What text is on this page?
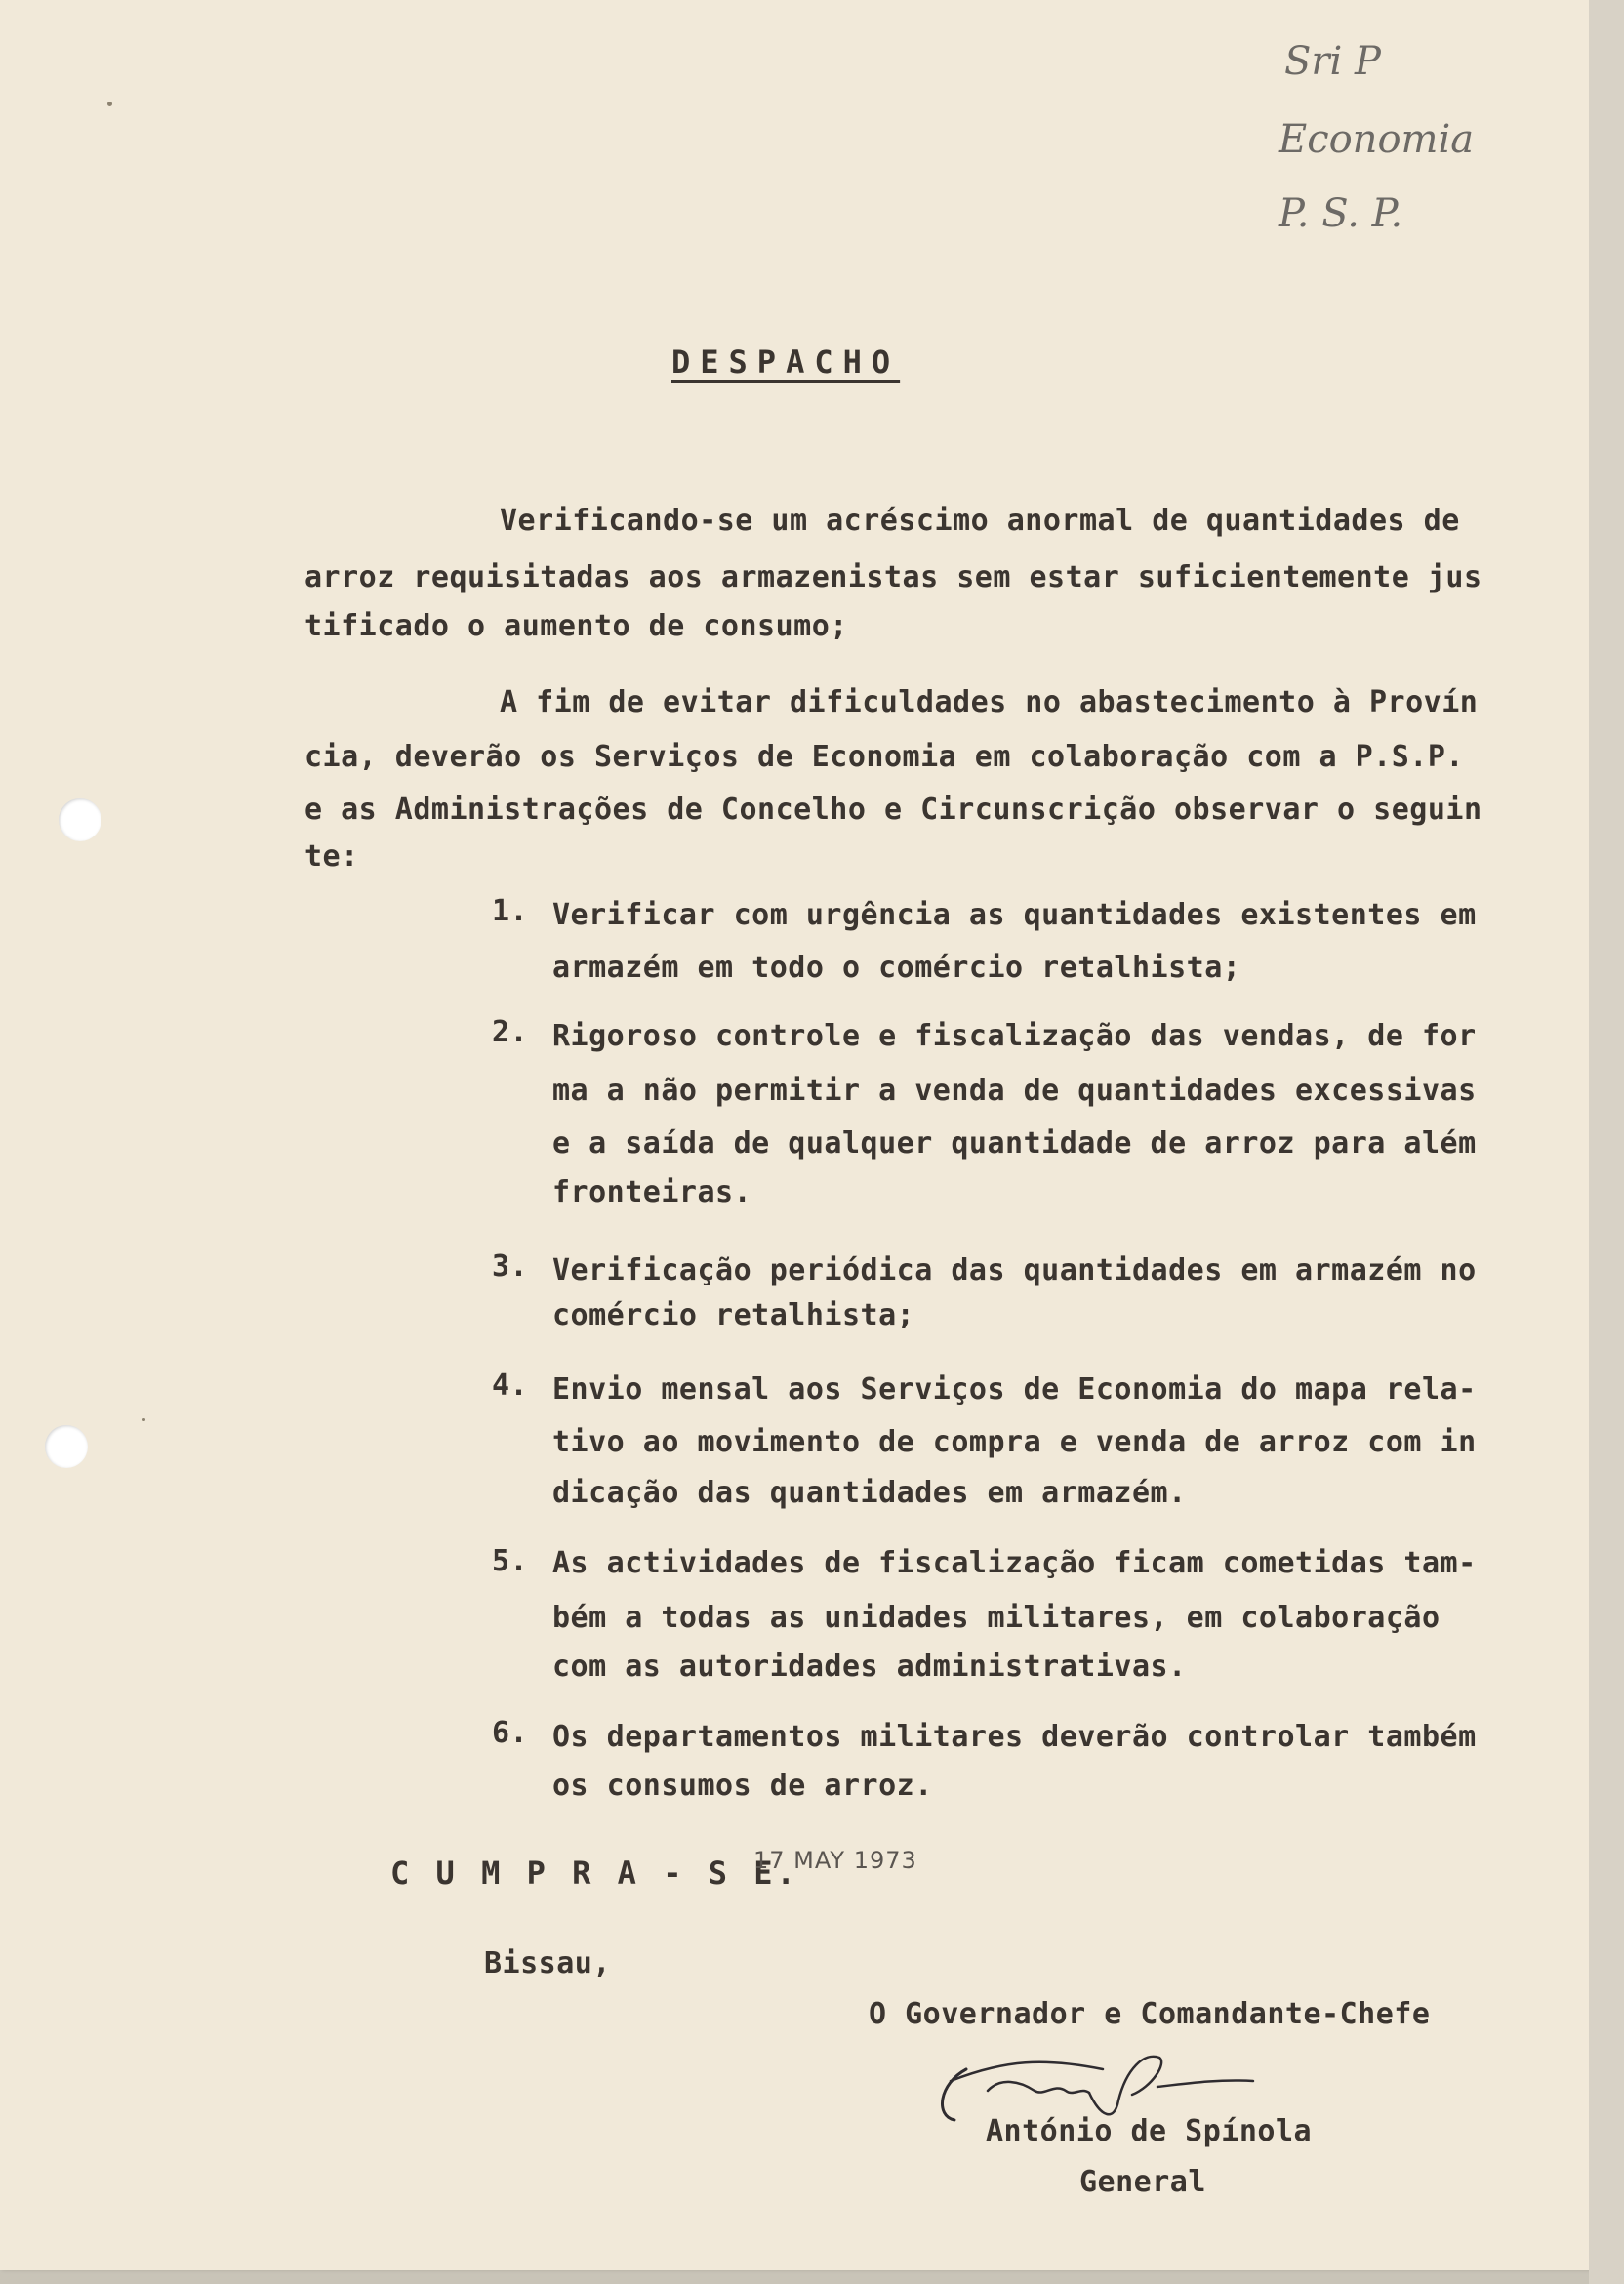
Sri P
Economia
P. S. P.
DESPACHO
Verificando-se um acréscimo anormal de quantidades de
arroz requisitadas aos armazenistas sem estar suficientemente jus
tificado o aumento de consumo;
A fim de evitar dificuldades no abastecimento à Provín
cia, deverão os Serviços de Economia em colaboração com a P.S.P.
e as Administrações de Concelho e Circunscrição observar o seguin
te:
1. Verificar com urgência as quantidades existentes em
armazém em todo o comércio retalhista;
2. Rigoroso controle e fiscalização das vendas, de for
ma a não permitir a venda de quantidades excessivas
e a saída de qualquer quantidade de arroz para além
fronteiras.
3. Verificação periódica das quantidades em armazém no
comércio retalhista;
4. Envio mensal aos Serviços de Economia do mapa rela-
tivo ao movimento de compra e venda de arroz com in
dicação das quantidades em armazém.
5. As actividades de fiscalização ficam cometidas tam-
bém a todas as unidades militares, em colaboração
com as autoridades administrativas.
6. Os departamentos militares deverão controlar também
os consumos de arroz.
C U M P R A - S E.
17 MAY 1973
Bissau,
O Governador e Comandante-Chefe
António de Spínola
General
